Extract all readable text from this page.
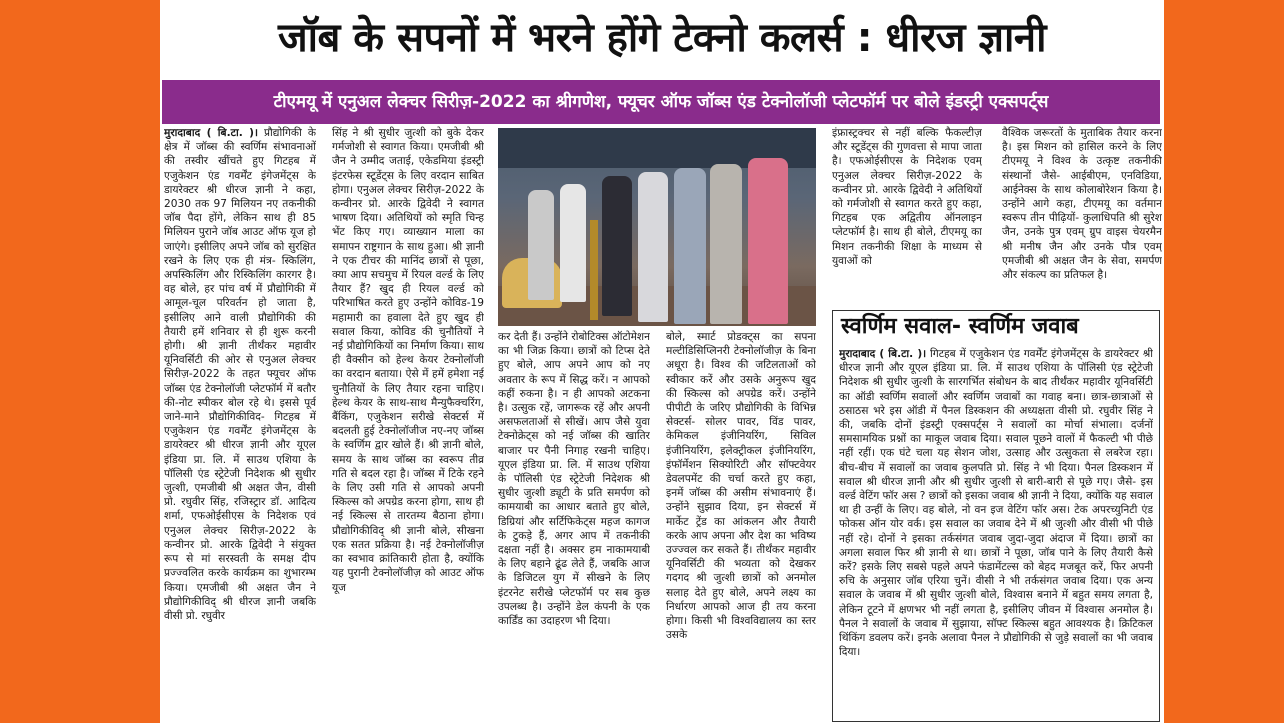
जॉब के सपनों में भरने होंगे टेक्नो कलर्स : धीरज ज्ञानी
टीएमयू में एनुअल लेक्चर सिरीज़-2022 का श्रीगणेश, फ्यूचर ऑफ जॉब्स एंड टेक्नोलॉजी प्लेटफॉर्म पर बोले इंडस्ट्री एक्सपर्ट्स

मुरादाबाद ( बि.टा. )। प्रौद्योगिकी के क्षेत्र में जॉब्स की स्वर्णिम संभावनाओं की तस्वीर खींचते हुए गिटहब में एजुकेशन एंड गवर्मेंट इंगेजमेंट्स के डायरेक्टर श्री धीरज ज्ञानी ने कहा, 2030 तक 97 मिलियन नए तकनीकी जॉब पैदा होंगे, लेकिन साथ ही 85 मिलियन पुराने जॉब आउट ऑफ यूज हो जाएंगे। इसीलिए अपने जॉब को सुरक्षित रखने के लिए एक ही मंत्र- स्किलिंग, अपस्किलिंग और रिस्किलिंग कारगर है। वह बोले, हर पांच वर्ष में प्रौद्योगिकी में आमूल-चूल परिवर्तन हो जाता है, इसीलिए आने वाली प्रौद्योगिकी की तैयारी हमें शनिवार से ही शुरू करनी होगी। श्री ज्ञानी तीर्थंकर महावीर यूनिवर्सिटी की ओर से एनुअल लेक्चर सिरीज़-2022 के तहत फ्यूचर ऑफ जॉब्स एंड टेक्नोलॉजी प्लेटफॉर्म में बतौर की-नोट स्पीकर बोल रहे थे। इससे पूर्व जाने-माने प्रौद्योगिकीविद- गिटहब में एजुकेशन एंड गवर्मेंट इंगेजमेंट्स के डायरेक्टर श्री धीरज ज्ञानी और यूएल इंडिया प्रा. लि. में साउथ एशिया के पॉलिसी एंड स्ट्रेटेजी निदेशक श्री सुधीर जुत्शी, एमजीबी श्री अक्षत जैन, वीसी प्रो. रघुवीर सिंह, रजिस्ट्रार डॉ. आदित्य शर्मा, एफओईसीएस के निदेशक एवं एनुअल लेक्चर सिरीज़-2022 के कन्वीनर प्रो. आरके द्विवेदी ने संयुक्त रूप से मां सरस्वती के समक्ष दीप प्रज्ज्वलित करके कार्यक्रम का शुभारम्भ किया। एमजीबी श्री अक्षत जैन ने प्रौद्योगिकीविद् श्री धीरज ज्ञानी जबकि वीसी प्रो. रघुवीर

सिंह ने श्री सुधीर जुत्शी को बुके देकर गर्मजोशी से स्वागत किया। एमजीबी श्री जैन ने उम्मीद जताई, एकेडमिया इंडस्ट्री इंटरफेस स्टूडेंट्स के लिए वरदान साबित होगा। एनुअल लेक्चर सिरीज़-2022 के कन्वीनर प्रो. आरके द्विवेदी ने स्वागत भाषण दिया। अतिथियों को स्मृति चिन्ह भेंट किए गए। व्याख्यान माला का समापन राष्ट्रगान के साथ हुआ। श्री ज्ञानी ने एक टीचर की मानिंद छात्रों से पूछा, क्या आप सचमुच में रियल वर्ल्ड के लिए तैयार हैं? खुद ही रियल वर्ल्ड को परिभाषित करते हुए उन्होंने कोविड-19 महामारी का हवाला देते हुए खुद ही सवाल किया, कोविड की चुनौतियों ने नई प्रौद्योगिकियों का निर्माण किया। साथ ही वैक्सीन को हेल्थ केयर टेक्नोलॉजी का वरदान बताया। ऐसे में हमें हमेशा नई चुनौतियों के लिए तैयार रहना चाहिए। हेल्थ केयर के साथ-साथ मैन्युफैक्चरिंग, बैंकिंग, एजुकेशन सरीखे सेक्टर्स में बदलती हुई टेक्नोलॉजीज नए-नए जॉब्स के स्वर्णिम द्वार खोले हैं। श्री ज्ञानी बोले, समय के साथ जॉब्स का स्वरूप तीव्र गति से बदल रहा है। जॉब्स में टिके रहने के लिए उसी गति से आपको अपनी स्किल्स को अपग्रेड करना होगा, साथ ही नई स्किल्स से तारतम्य बैठाना होगा। प्रौद्योगिकीविद् श्री ज्ञानी बोले, सीखना एक सतत प्रक्रिया है। नई टेक्नोलॉजीज़ का स्वभाव क्रांतिकारी होता है, क्योंकि यह पुरानी टेक्नोलॉजीज़ को आउट ऑफ यूज

कर देती हैं। उन्होंने रोबोटिक्स ऑटोमेशन का भी जिक्र किया। छात्रों को टिप्स देते हुए बोले, आप अपने आप को नए अवतार के रूप में सिद्ध करें। न आपको कहीं रुकना है। न ही आपको अटकना है। उत्सुक रहें, जागरूक रहें और अपनी असफलताओं से सीखें। आप जैसे युवा टेक्नोक्रेट्स को नई जॉब्स की खातिर बाजार पर पैनी निगाह रखनी चाहिए। यूएल इंडिया प्रा. लि. में साउथ एशिया के पॉलिसी एंड स्ट्रेटेजी निदेशक श्री सुधीर जुत्शी ड्यूटी के प्रति समर्पण को कामयाबी का आधार बताते हुए बोले, डिग्रियां और सर्टिफिकेट्स महज कागज के टुकड़े हैं, अगर आप में तकनीकी दक्षता नहीं है। अक्सर हम नाकामयाबी के लिए बहाने ढूंढ लेते हैं, जबकि आज के डिजिटल युग में सीखने के लिए इंटरनेट सरीखे प्लेटफॉर्म पर सब कुछ उपलब्ध है। उन्होंने डेल कंपनी के एक कार्डिंड का उदाहरण भी दिया।

बोले, स्मार्ट प्रोडक्ट्स का सपना मल्टीडिसिप्लिनरी टेक्नोलॉजीज़ के बिना अधूरा है। विश्व की जटिलताओं को स्वीकार करें और उसके अनुरूप खुद की स्किल्स को अपग्रेड करें। उन्होंने पीपीटी के जरिए प्रौद्योगिकी के विभिन्न सेक्टर्स- सोलर पावर, विंड पावर, केमिकल इंजीनियरिंग, सिविल इंजीनियरिंग, इलेक्ट्रीकल इंजीनियरिंग, इंफॉर्मेशन सिक्योरिटी और सॉफ्टवेयर डेवलपमेंट की चर्चा करते हुए कहा, इनमें जॉब्स की असीम संभावनाएं हैं। उन्होंने सुझाव दिया, इन सेक्टर्स में मार्केट ट्रेंड का आंकलन और तैयारी करके आप अपना और देश का भविष्य उज्ज्वल कर सकते हैं। तीर्थंकर महावीर यूनिवर्सिटी की भव्यता को देखकर गदगद श्री जुत्शी छात्रों को अनमोल सलाह देते हुए बोले, अपने लक्ष्य का निर्धारण आपको आज ही तय करना होगा। किसी भी विश्वविद्यालय का स्तर उसके

इंफ्रास्ट्रक्चर से नहीं बल्कि फैकल्टीज़ और स्टूडेंट्स की गुणवत्ता से मापा जाता है। एफओईसीएस के निदेशक एवम् एनुअल लेक्चर सिरीज़-2022 के कन्वीनर प्रो. आरके द्विवेदी ने अतिथियों को गर्मजोशी से स्वागत करते हुए कहा, गिटहब एक अद्वितीय ऑनलाइन प्लेटफॉर्म है। साथ ही बोले, टीएमयू का मिशन तकनीकी शिक्षा के माध्यम से युवाओं को

वैश्विक जरूरतों के मुताबिक तैयार करना है। इस मिशन को हासिल करने के लिए टीएमयू ने विश्व के उत्कृष्ट तकनीकी संस्थानों जैसे- आईबीएम, एनविडिया, आईनेक्स के साथ कोलाबोरेशन किया है। उन्होंने आगे कहा, टीएमयू का वर्तमान स्वरूप तीन पीढ़ियों- कुलाधिपति श्री सुरेश जैन, उनके पुत्र एवम् ग्रुप वाइस चेयरमैन श्री मनीष जैन और उनके पौत्र एवम् एमजीबी श्री अक्षत जैन के सेवा, समर्पण और संकल्प का प्रतिफल है।

स्वर्णिम सवाल- स्वर्णिम जवाब

मुरादाबाद ( बि.टा. )। गिटहब में एजुकेशन एंड गवर्मेंट इंगेजमेंट्स के डायरेक्टर श्री धीरज ज्ञानी और यूएल इंडिया प्रा. लि. में साउथ एशिया के पॉलिसी एंड स्ट्रेटेजी निदेशक श्री सुधीर जुत्शी के सारगर्भित संबोधन के बाद तीर्थंकर महावीर यूनिवर्सिटी का ऑडी स्वर्णिम सवालों और स्वर्णिम जवाबों का गवाह बना। छात्र-छात्राओं से ठसाठस भरे इस ऑडी में पैनल डिस्कशन की अध्यक्षता वीसी प्रो. रघुवीर सिंह ने की, जबकि दोनों इंडस्ट्री एक्सपर्ट्स ने सवालों का मोर्चा संभाला। दर्जनों समसामयिक प्रश्नों का माकूल जवाब दिया। सवाल पूछने वालों में फैकल्टी भी पीछे नहीं रहीं। एक घंटे चला यह सेशन जोश, उत्साह और उत्सुकता से लबरेज रहा। बीच-बीच में सवालों का जवाब कुलपति प्रो. सिंह ने भी दिया। पैनल डिस्कशन में सवाल श्री धीरज ज्ञानी और श्री सुधीर जुत्शी से बारी-बारी से पूछे गए। जैसे- इस वर्ल्ड वेटिंग फॉर अस ? छात्रों को इसका जवाब श्री ज्ञानी ने दिया, क्योंकि यह सवाल था ही उन्हीं के लिए। वह बोले, नो वन इज वेटिंग फॉर अस। टेक अपरच्युनिटी एंड फोकस ऑन योर वर्क। इस सवाल का जवाब देने में श्री जुत्शी और वीसी भी पीछे नहीं रहे। दोनों ने इसका तर्कसंगत जवाब जुदा-जुदा अंदाज में दिया। छात्रों का अगला सवाल फिर श्री ज्ञानी से था। छात्रों ने पूछा, जॉब पाने के लिए तैयारी कैसे करें? इसके लिए सबसे पहले अपने फंडामेंटल्स को बेहद मजबूत करें, फिर अपनी रुचि के अनुसार जॉब एरिया चुनें। वीसी ने भी तर्कसंगत जवाब दिया। एक अन्य सवाल के जवाब में श्री सुधीर जुत्शी बोले, विश्वास बनाने में बहुत समय लगता है, लेकिन टूटने में क्षणभर भी नहीं लगता है, इसीलिए जीवन में विश्वास अनमोल है। पैनल ने सवालों के जवाब में सुझाया, सॉफ्ट स्किल्स बहुत आवश्यक है। क्रिटिकल थिंकिंग डवलप करें। इनके अलावा पैनल ने प्रौद्योगिकी से जुड़े सवालों का भी जवाब दिया।
